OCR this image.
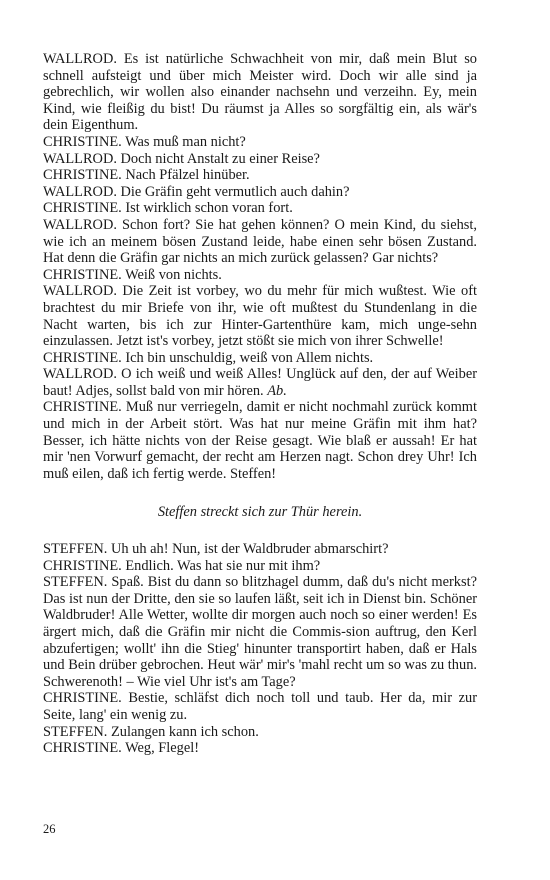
WALLROD. Es ist natürliche Schwachheit von mir, daß mein Blut so schnell aufsteigt und über mich Meister wird. Doch wir alle sind ja gebrechlich, wir wollen also einander nachsehn und verzeihn. Ey, mein Kind, wie fleißig du bist! Du räumst ja Alles so sorgfältig ein, als wär's dein Eigenthum.

CHRISTINE. Was muß man nicht?

WALLROD. Doch nicht Anstalt zu einer Reise?

CHRISTINE. Nach Pfälzel hinüber.

WALLROD. Die Gräfin geht vermutlich auch dahin?

CHRISTINE. Ist wirklich schon voran fort.

WALLROD. Schon fort? Sie hat gehen können? O mein Kind, du siehst, wie ich an meinem bösen Zustand leide, habe einen sehr bösen Zustand. Hat denn die Gräfin gar nichts an mich zurück gelassen? Gar nichts?

CHRISTINE. Weiß von nichts.

WALLROD. Die Zeit ist vorbey, wo du mehr für mich wußtest. Wie oft brachtest du mir Briefe von ihr, wie oft mußtest du Stundenlang in die Nacht warten, bis ich zur Hinter-Gartenthüre kam, mich unge-sehn einzulassen. Jetzt ist's vorbey, jetzt stößt sie mich von ihrer Schwelle!

CHRISTINE. Ich bin unschuldig, weiß von Allem nichts.

WALLROD. O ich weiß und weiß Alles! Unglück auf den, der auf Weiber baut! Adjes, sollst bald von mir hören. Ab.

CHRISTINE. Muß nur verriegeln, damit er nicht nochmahl zurück kommt und mich in der Arbeit stört. Was hat nur meine Gräfin mit ihm hat? Besser, ich hätte nichts von der Reise gesagt. Wie blaß er aussah! Er hat mir 'nen Vorwurf gemacht, der recht am Herzen nagt. Schon drey Uhr! Ich muß eilen, daß ich fertig werde. Steffen!

Steffen streckt sich zur Thür herein.

STEFFEN. Uh uh ah! Nun, ist der Waldbruder abmarschirt?

CHRISTINE. Endlich. Was hat sie nur mit ihm?

STEFFEN. Spaß. Bist du dann so blitzhagel dumm, daß du's nicht merkst? Das ist nun der Dritte, den sie so laufen läßt, seit ich in Dienst bin. Schöner Waldbruder! Alle Wetter, wollte dir morgen auch noch so einer werden! Es ärgert mich, daß die Gräfin mir nicht die Commis-sion auftrug, den Kerl abzufertigen; wollt' ihn die Stieg' hinunter transportirt haben, daß er Hals und Bein drüber gebrochen. Heut wär' mir's 'mahl recht um so was zu thun. Schwerenoth! – Wie viel Uhr ist's am Tage?

CHRISTINE. Bestie, schläfst dich noch toll und taub. Her da, mir zur Seite, lang' ein wenig zu.

STEFFEN. Zulangen kann ich schon.

CHRISTINE. Weg, Flegel!

26
